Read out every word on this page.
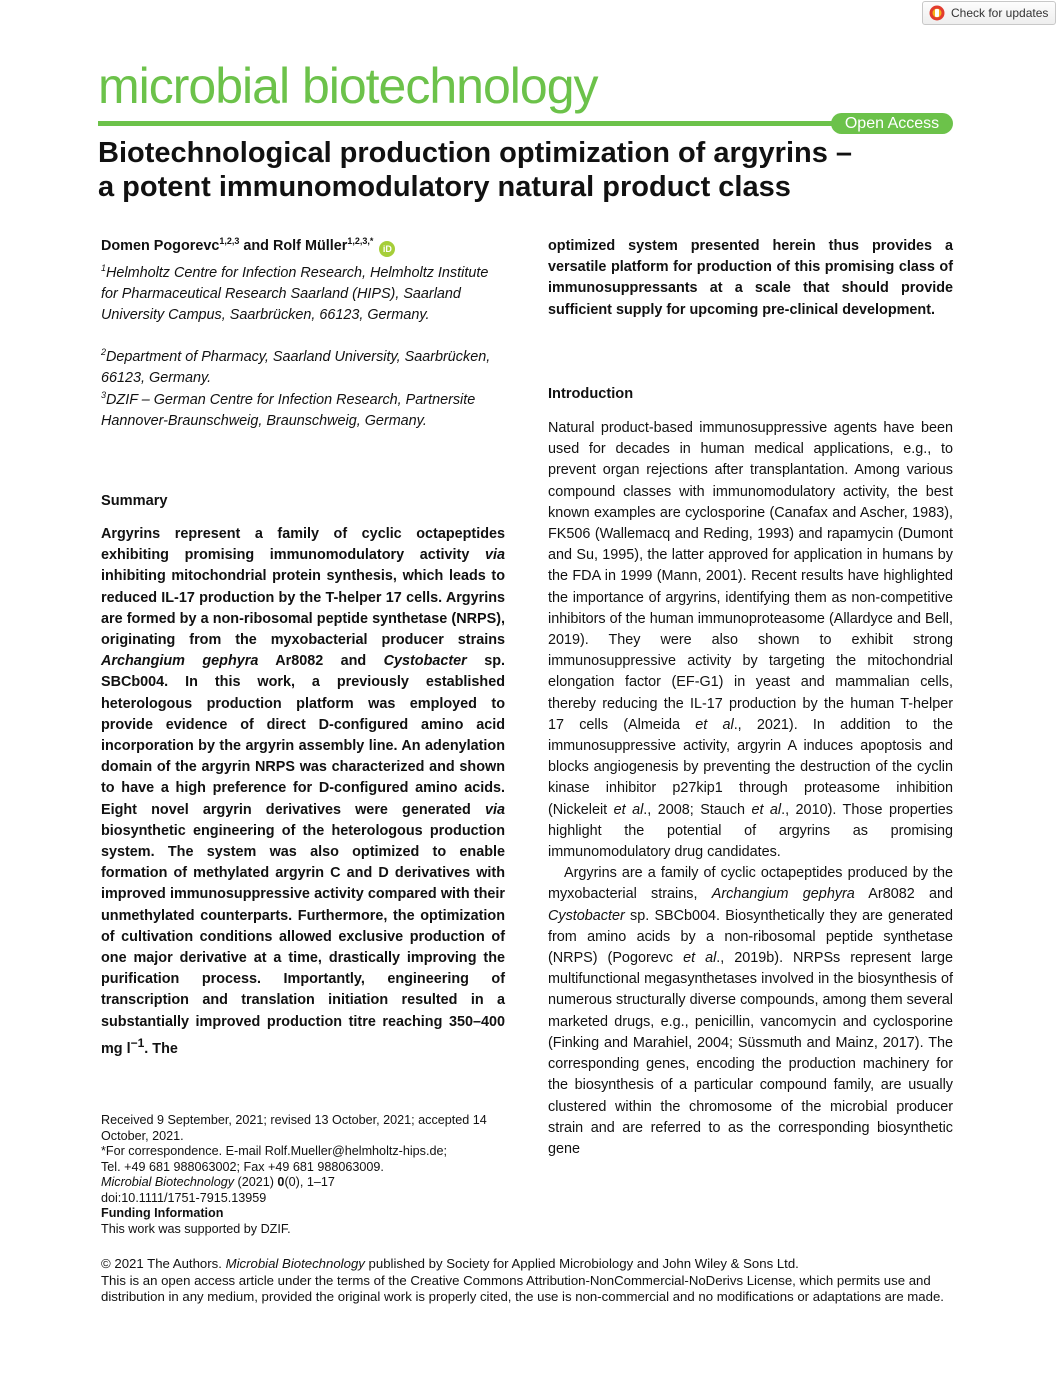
Check for updates
microbial biotechnology
Open Access
Biotechnological production optimization of argyrins –
a potent immunomodulatory natural product class
Domen Pogorevc$^{1,2,3}$ and Rolf Müller$^{1,2,3,*}$iD
$^1$Helmholtz Centre for Infection Research, Helmholtz Institute for Pharmaceutical Research Saarland (HIPS), Saarland University Campus, Saarbrücken, 66123, Germany.
$^2$Department of Pharmacy, Saarland University, Saarbrücken, 66123, Germany.
$^3$DZIF – German Centre for Infection Research, Partnersite Hannover-Braunschweig, Braunschweig, Germany.
Summary

Argyrins represent a family of cyclic octapeptides exhibiting promising immunomodulatory activity via inhibiting mitochondrial protein synthesis, which leads to reduced IL-17 production by the T-helper 17 cells. Argyrins are formed by a non-ribosomal peptide synthetase (NRPS), originating from the myxobacterial producer strains Archangium gephyra Ar8082 and Cystobacter sp. SBCb004. In this work, a previously established heterologous production platform was employed to provide evidence of direct D-configured amino acid incorporation by the argyrin assembly line. An adenylation domain of the argyrin NRPS was characterized and shown to have a high preference for D-configured amino acids. Eight novel argyrin derivatives were generated via biosynthetic engineering of the heterologous production system. The system was also optimized to enable formation of methylated argyrin C and D derivatives with improved immunosuppressive activity compared with their unmethylated counterparts. Furthermore, the optimization of cultivation conditions allowed exclusive production of one major derivative at a time, drastically improving the purification process. Importantly, engineering of transcription and translation initiation resulted in a substantially improved production titre reaching 350–400 mg $l^{-1}$. The

optimized system presented herein thus provides a versatile platform for production of this promising class of immunosuppressants at a scale that should provide sufficient supply for upcoming pre-clinical development.
Introduction

Natural product-based immunosuppressive agents have been used for decades in human medical applications, e.g., to prevent organ rejections after transplantation. Among various compound classes with immunomodulatory activity, the best known examples are cyclosporine (Canafax and Ascher, 1983), FK506 (Wallemacq and Reding, 1993) and rapamycin (Dumont and Su, 1995), the latter approved for application in humans by the FDA in 1999 (Mann, 2001). Recent results have highlighted the importance of argyrins, identifying them as non-competitive inhibitors of the human immunoproteasome (Allardyce and Bell, 2019). They were also shown to exhibit strong immunosuppressive activity by targeting the mitochondrial elongation factor (EF-G1) in yeast and mammalian cells, thereby reducing the IL-17 production by the human T-helper 17 cells (Almeida et al., 2021). In addition to the immunosuppressive activity, argyrin A induces apoptosis and blocks angiogenesis by preventing the destruction of the cyclin kinase inhibitor p27kip1 through proteasome inhibition (Nickeleit et al., 2008; Stauch et al., 2010). Those properties highlight the potential of argyrins as promising immunomodulatory drug candidates.

Argyrins are a family of cyclic octapeptides produced by the myxobacterial strains, Archangium gephyra Ar8082 and Cystobacter sp. SBCb004. Biosynthetically they are generated from amino acids by a non-ribosomal peptide synthetase (NRPS) (Pogorevc et al., 2019b). NRPSs represent large multifunctional megasynthetases involved in the biosynthesis of numerous structurally diverse compounds, among them several marketed drugs, e.g., penicillin, vancomycin and cyclosporine (Finking and Marahiel, 2004; Süssmuth and Mainz, 2017). The corresponding genes, encoding the production machinery for the biosynthesis of a particular compound family, are usually clustered within the chromosome of the microbial producer strain and are referred to as the corresponding biosynthetic gene

Received 9 September, 2021; revised 13 October, 2021; accepted 14 October, 2021.
*For correspondence. E-mail Rolf.Mueller@helmholtz-hips.de;
Tel. +49 681 988063002; Fax +49 681 988063009.
Microbial Biotechnology (2021) 0(0), 1–17
doi:10.1111/1751-7915.13959
Funding Information
This work was supported by DZIF.

© 2021 The Authors. Microbial Biotechnology published by Society for Applied Microbiology and John Wiley & Sons Ltd.

This is an open access article under the terms of the Creative Commons Attribution-NonCommercial-NoDerivs License, which permits use and distribution in any medium, provided the original work is properly cited, the use is non-commercial and no modifications or adaptations are made.
